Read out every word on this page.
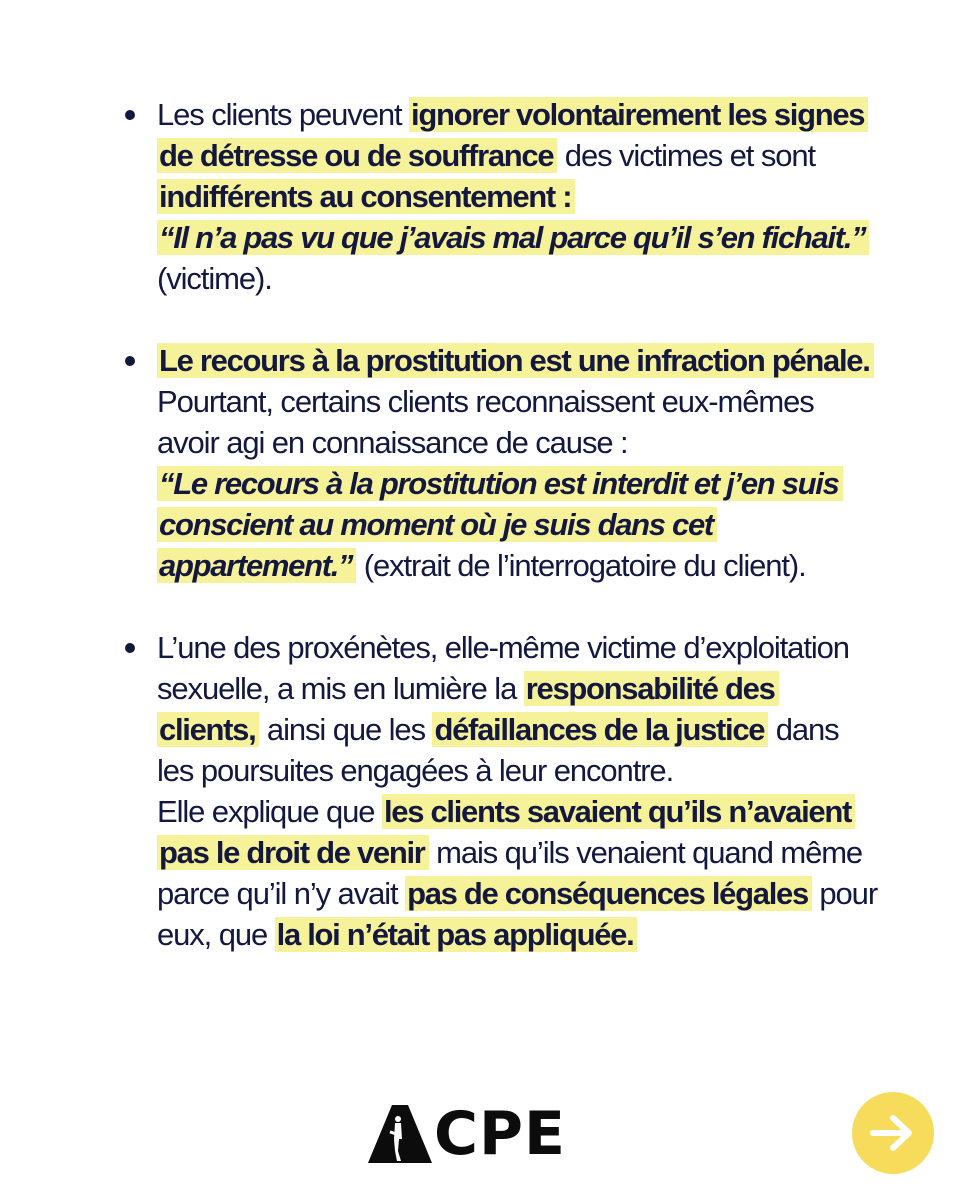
Les clients peuvent ignorer volontairement les signes de détresse ou de souffrance des victimes et sont indifférents au consentement :
“Il n’a pas vu que j’avais mal parce qu’il s’en fichait.” (victime).
Le recours à la prostitution est une infraction pénale. Pourtant, certains clients reconnaissent eux-mêmes avoir agi en connaissance de cause :
“Le recours à la prostitution est interdit et j’en suis conscient au moment où je suis dans cet appartement.” (extrait de l’interrogatoire du client).
L’une des proxénètes, elle-même victime d’exploitation sexuelle, a mis en lumière la responsabilité des clients, ainsi que les défaillances de la justice dans les poursuites engagées à leur encontre.
Elle explique que les clients savaient qu’ils n’avaient pas le droit de venir mais qu’ils venaient quand même parce qu’il n’y avait pas de conséquences légales pour eux, que la loi n’était pas appliquée.
CPE
